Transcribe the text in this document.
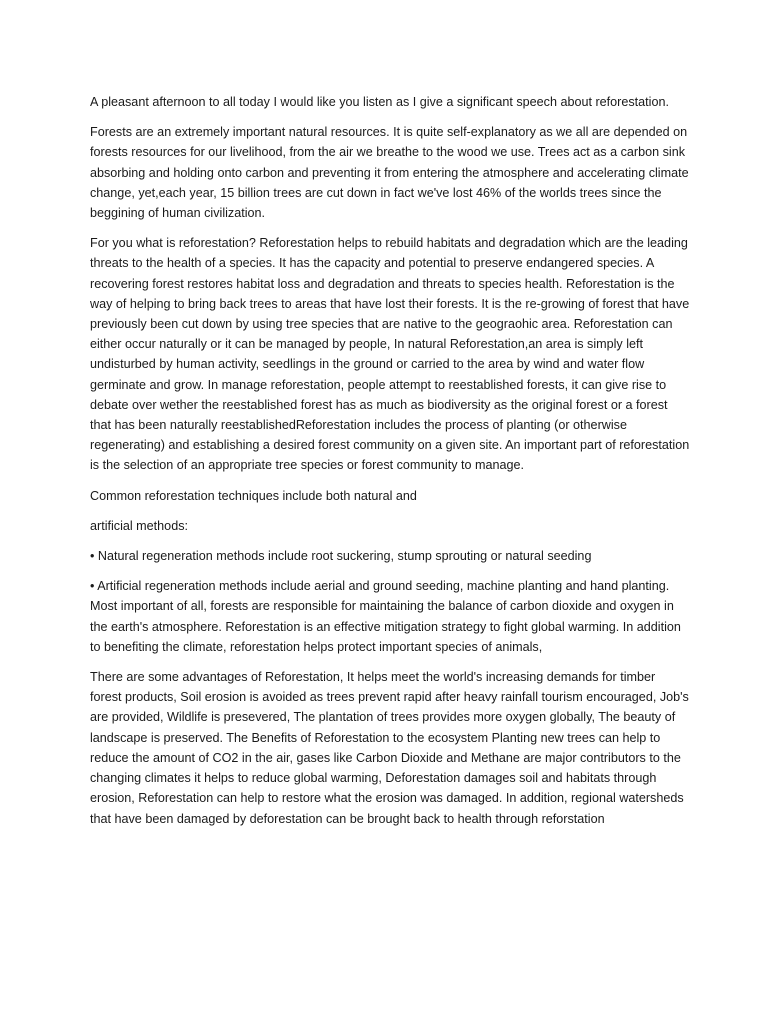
A pleasant afternoon to all today I would like you listen as I give a significant speech about reforestation.

Forests are an extremely important natural resources. It is quite self-explanatory as we all are depended on forests resources for our livelihood, from the air we breathe to the wood we use. Trees act as a carbon sink absorbing and holding onto carbon and preventing it from entering the atmosphere and accelerating climate change, yet,each year, 15 billion trees are cut down in fact we've lost 46% of the worlds trees since the beggining of human civilization.

For you what is reforestation? Reforestation helps to rebuild habitats and degradation which are the leading threats to the health of a species. It has the capacity and potential to preserve endangered species. A recovering forest restores habitat loss and degradation and threats to species health. Reforestation is the way of helping to bring back trees to areas that have lost their forests. It is the re-growing of forest that have previously been cut down by using tree species that are native to the geograohic area. Reforestation can either occur naturally or it can be managed by people, In natural Reforestation,an area is simply left undisturbed by human activity, seedlings in the ground or carried to the area by wind and water flow germinate and grow. In manage reforestation, people attempt to reestablished forests, it can give rise to debate over wether the reestablished forest has as much as biodiversity as the original forest or a forest that has been naturally reestablishedReforestation includes the process of planting (or otherwise regenerating) and establishing a desired forest community on a given site. An important part of reforestation is the selection of an appropriate tree species or forest community to manage.

Common reforestation techniques include both natural and

artificial methods:

• Natural regeneration methods include root suckering, stump sprouting or natural seeding

• Artificial regeneration methods include aerial and ground seeding, machine planting and hand planting. Most important of all, forests are responsible for maintaining the balance of carbon dioxide and oxygen in the earth's atmosphere. Reforestation is an effective mitigation strategy to fight global warming. In addition to benefiting the climate, reforestation helps protect important species of animals,

There are some advantages of Reforestation, It helps meet the world's increasing demands for timber forest products, Soil erosion is avoided as trees prevent rapid after heavy rainfall tourism encouraged, Job's are provided, Wildlife is presevered, The plantation of trees provides more oxygen globally, The beauty of landscape is preserved. The Benefits of Reforestation to the ecosystem Planting new trees can help to reduce the amount of CO2 in the air, gases like Carbon Dioxide and Methane are major contributors to the changing climates it helps to reduce global warming, Deforestation damages soil and habitats through erosion, Reforestation can help to restore what the erosion was damaged. In addition, regional watersheds that have been damaged by deforestation can be brought back to health through reforstation
